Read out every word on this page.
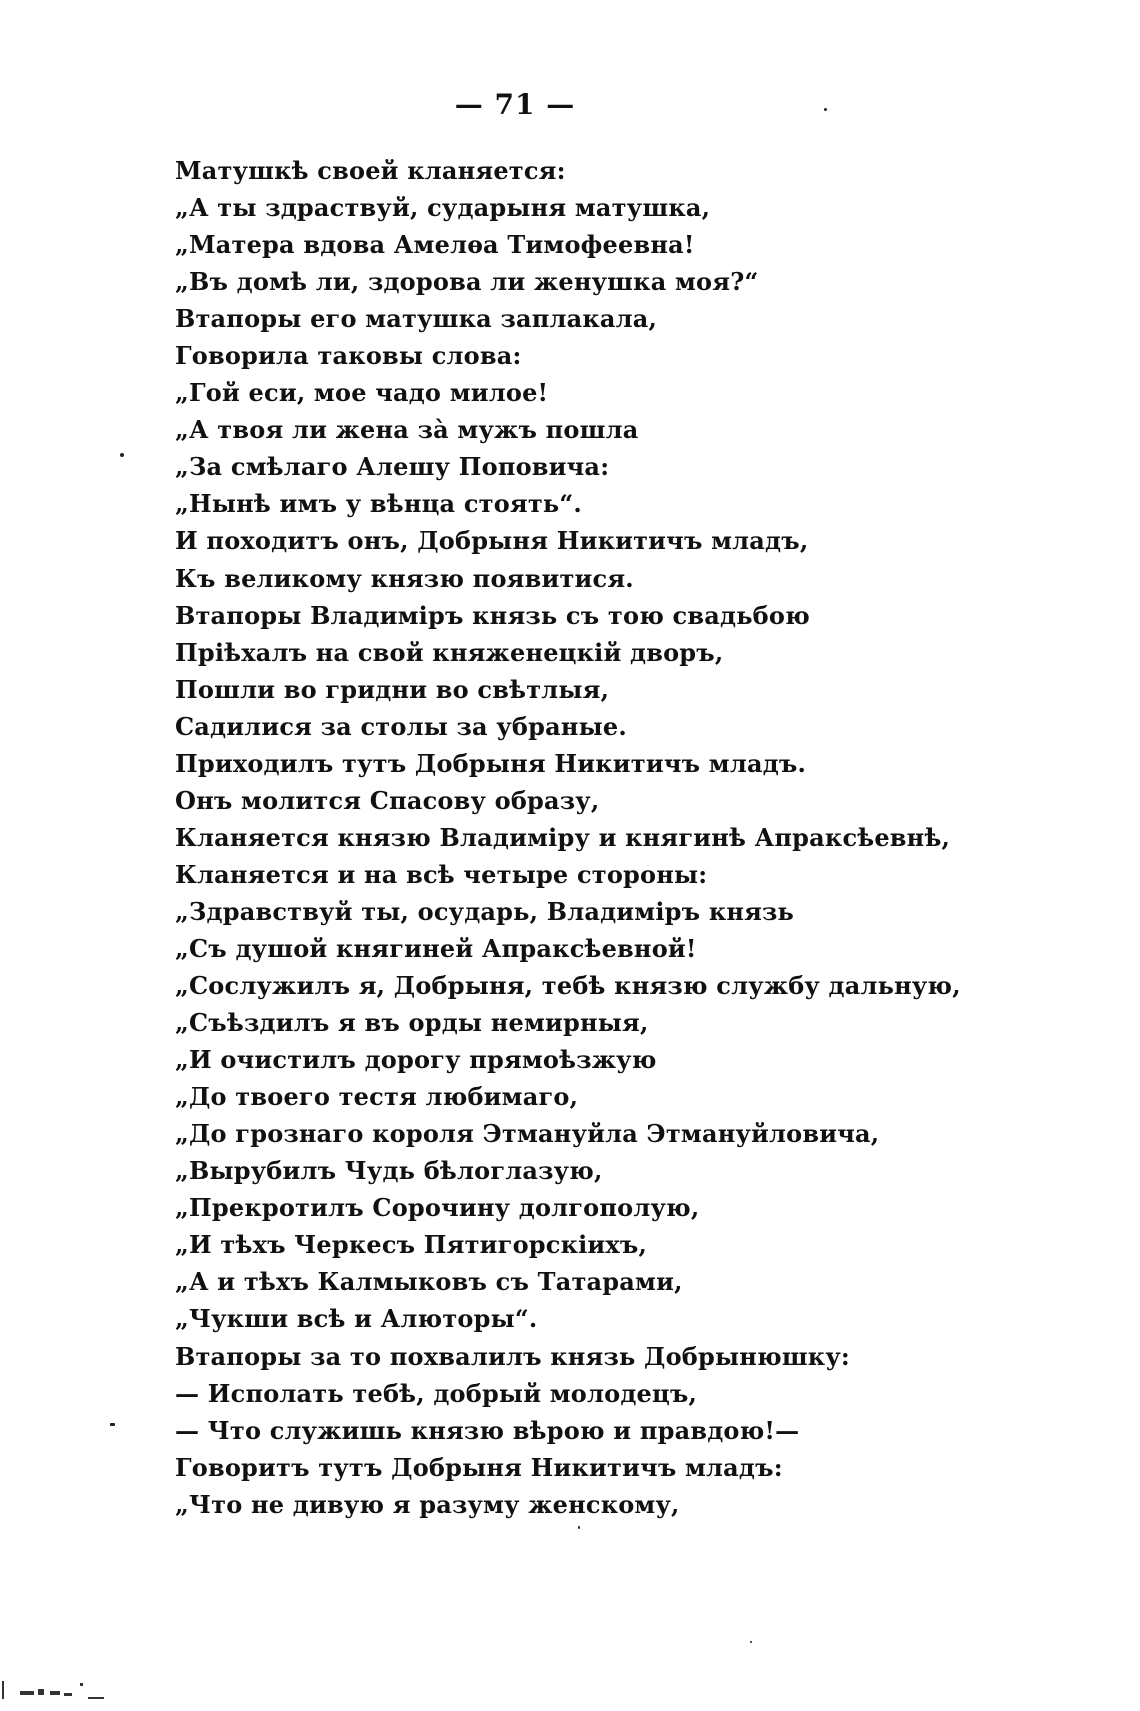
— 71 —
Матушкѣ своей кланяется:
„А ты здраствуй, сударыня матушка,
„Матера вдова Амелѳа Тимофеевна!
„Въ домѣ ли, здорова ли женушка моя?“
Втапоры его матушка заплакала,
Говорила таковы слова:
„Гой еси, мое чадо милое!
„А твоя ли жена за̀ мужъ пошла
„За смѣлаго Алешу Поповича:
„Нынѣ имъ у вѣнца стоять“.
И походитъ онъ, Добрыня Никитичъ младъ,
Къ великому князю появитися.
Втапоры Владиміръ князь съ тою свадьбою
Пріѣхалъ на свой княженецкій дворъ,
Пошли во гридни во свѣтлыя,
Садилися за столы за убраные.
Приходилъ тутъ Добрыня Никитичъ младъ.
Онъ молится Спасову образу,
Кланяется князю Владиміру и княгинѣ Апраксѣевнѣ,
Кланяется и на всѣ четыре стороны:
„Здравствуй ты, осударь, Владиміръ князь
„Съ душой княгиней Апраксѣевной!
„Сослужилъ я, Добрыня, тебѣ князю службу дальную,
„Съѣздилъ я въ орды немирныя,
„И очистилъ дорогу прямоѣзжую
„До твоего тестя любимаго,
„До грознаго короля Этмануйла Этмануйловича,
„Вырубилъ Чудь бѣлоглазую,
„Прекротилъ Сорочину долгополую,
„И тѣхъ Черкесъ Пятигорскіихъ,
„А и тѣхъ Калмыковъ съ Татарами,
„Чукши всѣ и Алюторы“.
Втапоры за то похвалилъ князь Добрынюшку:
— Исполать тебѣ, добрый молодецъ,
— Что служишь князю вѣрою и правдою!—
Говоритъ тутъ Добрыня Никитичъ младъ:
„Что не дивую я разуму женскому,
